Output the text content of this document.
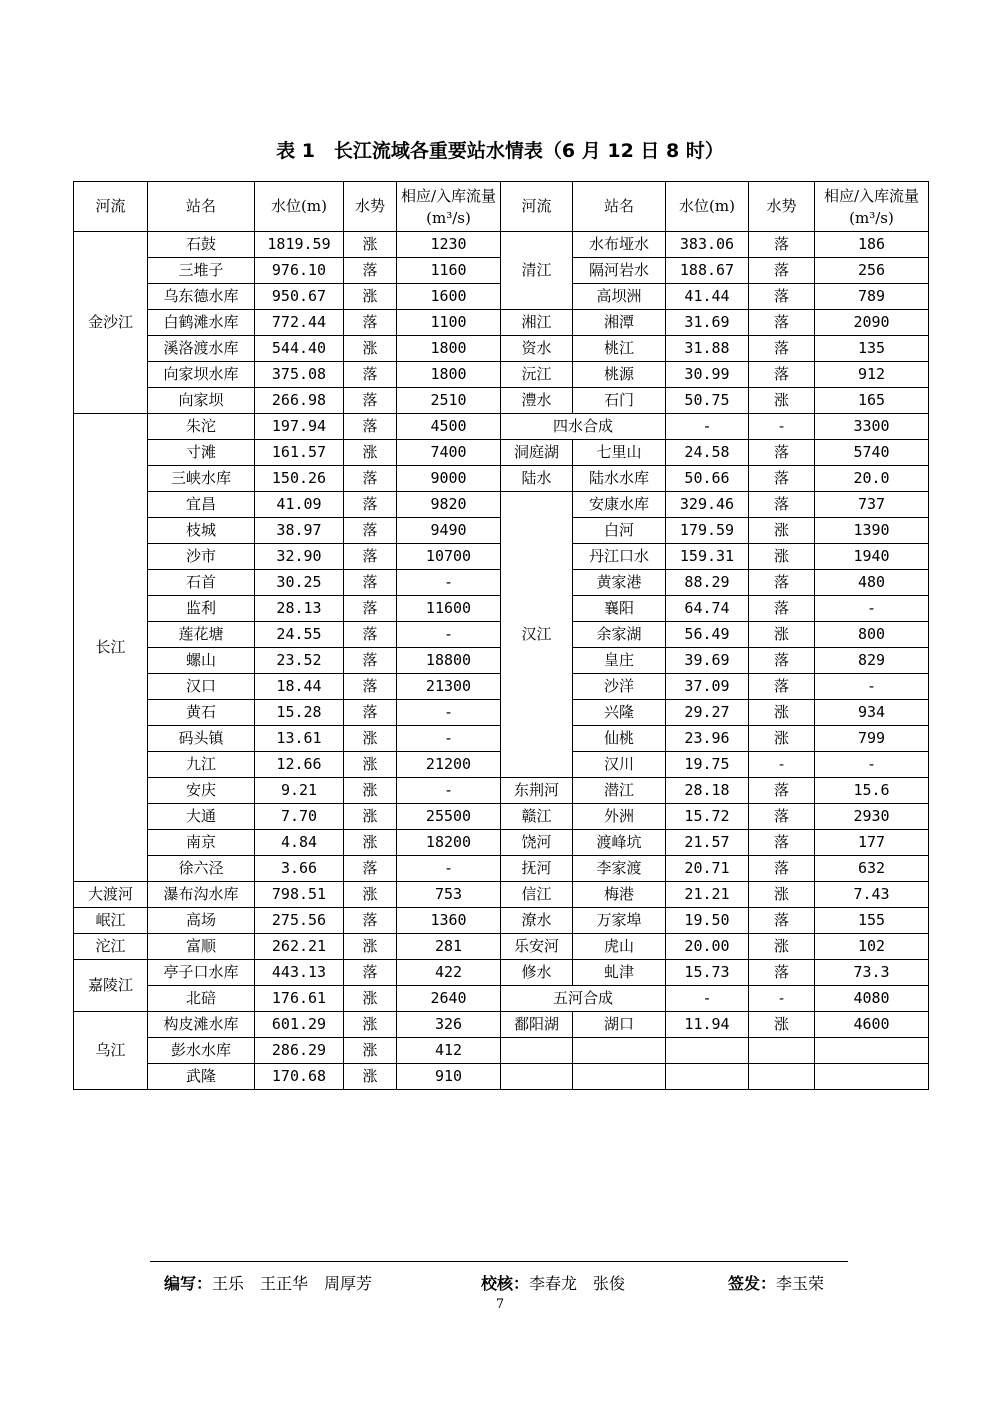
表 1　长江流域各重要站水情表（6 月 12 日 8 时）
河流	站名	水位(m)	水势	相应/入库流量(m³/s)	河流	站名	水位(m)	水势	相应/入库流量(m³/s)
金沙江	石鼓	1819.59	涨	1230	清江	水布垭水	383.06	落	186
	三堆子	976.10	落	1160		隔河岩水	188.67	落	256
	乌东德水库	950.67	涨	1600		高坝洲	41.44	落	789
	白鹤滩水库	772.44	落	1100	湘江	湘潭	31.69	落	2090
	溪洛渡水库	544.40	涨	1800	资水	桃江	31.88	落	135
	向家坝水库	375.08	落	1800	沅江	桃源	30.99	落	912
	向家坝	266.98	落	2510	澧水	石门	50.75	涨	165
长江	朱沱	197.94	落	4500	四水合成		-	-	3300
	寸滩	161.57	涨	7400	洞庭湖	七里山	24.58	落	5740
	三峡水库	150.26	落	9000	陆水	陆水水库	50.66	落	20.0
	宜昌	41.09	落	9820	汉江	安康水库	329.46	落	737
	枝城	38.97	落	9490		白河	179.59	涨	1390
	沙市	32.90	落	10700		丹江口水	159.31	涨	1940
	石首	30.25	落	-		黄家港	88.29	落	480
	监利	28.13	落	11600		襄阳	64.74	落	-
	莲花塘	24.55	落	-		余家湖	56.49	涨	800
	螺山	23.52	落	18800		皇庄	39.69	落	829
	汉口	18.44	落	21300		沙洋	37.09	落	-
	黄石	15.28	落	-		兴隆	29.27	涨	934
	码头镇	13.61	涨	-		仙桃	23.96	涨	799
	九江	12.66	涨	21200		汉川	19.75	-	-
	安庆	9.21	涨	-	东荆河	潜江	28.18	落	15.6
	大通	7.70	涨	25500	赣江	外洲	15.72	落	2930
	南京	4.84	涨	18200	饶河	渡峰坑	21.57	落	177
	徐六泾	3.66	落	-	抚河	李家渡	20.71	落	632
大渡河	瀑布沟水库	798.51	涨	753	信江	梅港	21.21	涨	7.43
岷江	高场	275.56	落	1360	潦水	万家埠	19.50	落	155
沱江	富顺	262.21	涨	281	乐安河	虎山	20.00	涨	102
嘉陵江	亭子口水库	443.13	落	422	修水	虬津	15.73	落	73.3
	北碚	176.61	涨	2640	五河合成		-	-	4080
乌江	构皮滩水库	601.29	涨	326	鄱阳湖	湖口	11.94	涨	4600
	彭水水库	286.29	涨	412					
	武隆	170.68	涨	910					
编写：王乐　王正华　周厚芳	校核：李春龙　张俊	签发：李玉荣
7
